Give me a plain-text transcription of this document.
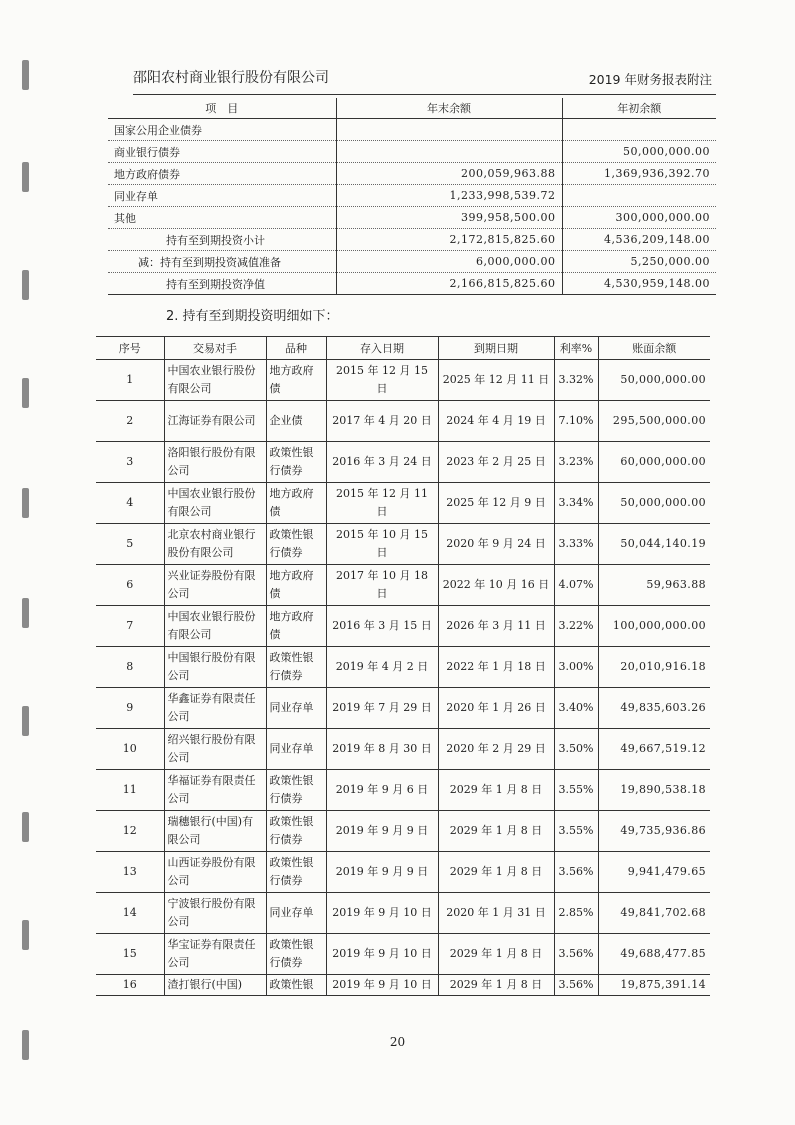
邵阳农村商业银行股份有限公司	2019 年财务报表附注
项　目	年末余额	年初余额
国家公用企业债券		
商业银行债券		50,000,000.00
地方政府债券	200,059,963.88	1,369,936,392.70
同业存单	1,233,998,539.72	
其他	399,958,500.00	300,000,000.00
持有至到期投资小计	2,172,815,825.60	4,536,209,148.00
减：持有至到期投资减值准备	6,000,000.00	5,250,000.00
持有至到期投资净值	2,166,815,825.60	4,530,959,148.00
2. 持有至到期投资明细如下：
序号	交易对手	品种	存入日期	到期日期	利率%	账面余额
1	中国农业银行股份有限公司	地方政府债	2015 年 12 月 15 日	2025 年 12 月 11 日	3.32%	50,000,000.00
2	江海证券有限公司	企业债	2017 年 4 月 20 日	2024 年 4 月 19 日	7.10%	295,500,000.00
3	洛阳银行股份有限公司	政策性银行债券	2016 年 3 月 24 日	2023 年 2 月 25 日	3.23%	60,000,000.00
4	中国农业银行股份有限公司	地方政府债	2015 年 12 月 11 日	2025 年 12 月 9 日	3.34%	50,000,000.00
5	北京农村商业银行股份有限公司	政策性银行债券	2015 年 10 月 15 日	2020 年 9 月 24 日	3.33%	50,044,140.19
6	兴业证券股份有限公司	地方政府债	2017 年 10 月 18 日	2022 年 10 月 16 日	4.07%	59,963.88
7	中国农业银行股份有限公司	地方政府债	2016 年 3 月 15 日	2026 年 3 月 11 日	3.22%	100,000,000.00
8	中国银行股份有限公司	政策性银行债券	2019 年 4 月 2 日	2022 年 1 月 18 日	3.00%	20,010,916.18
9	华鑫证券有限责任公司	同业存单	2019 年 7 月 29 日	2020 年 1 月 26 日	3.40%	49,835,603.26
10	绍兴银行股份有限公司	同业存单	2019 年 8 月 30 日	2020 年 2 月 29 日	3.50%	49,667,519.12
11	华福证券有限责任公司	政策性银行债券	2019 年 9 月 6 日	2029 年 1 月 8 日	3.55%	19,890,538.18
12	瑞穗银行(中国)有限公司	政策性银行债券	2019 年 9 月 9 日	2029 年 1 月 8 日	3.55%	49,735,936.86
13	山西证券股份有限公司	政策性银行债券	2019 年 9 月 9 日	2029 年 1 月 8 日	3.56%	9,941,479.65
14	宁波银行股份有限公司	同业存单	2019 年 9 月 10 日	2020 年 1 月 31 日	2.85%	49,841,702.68
15	华宝证券有限责任公司	政策性银行债券	2019 年 9 月 10 日	2029 年 1 月 8 日	3.56%	49,688,477.85
16	渣打银行(中国)	政策性银	2019 年 9 月 10 日	2029 年 1 月 8 日	3.56%	19,875,391.14
20
